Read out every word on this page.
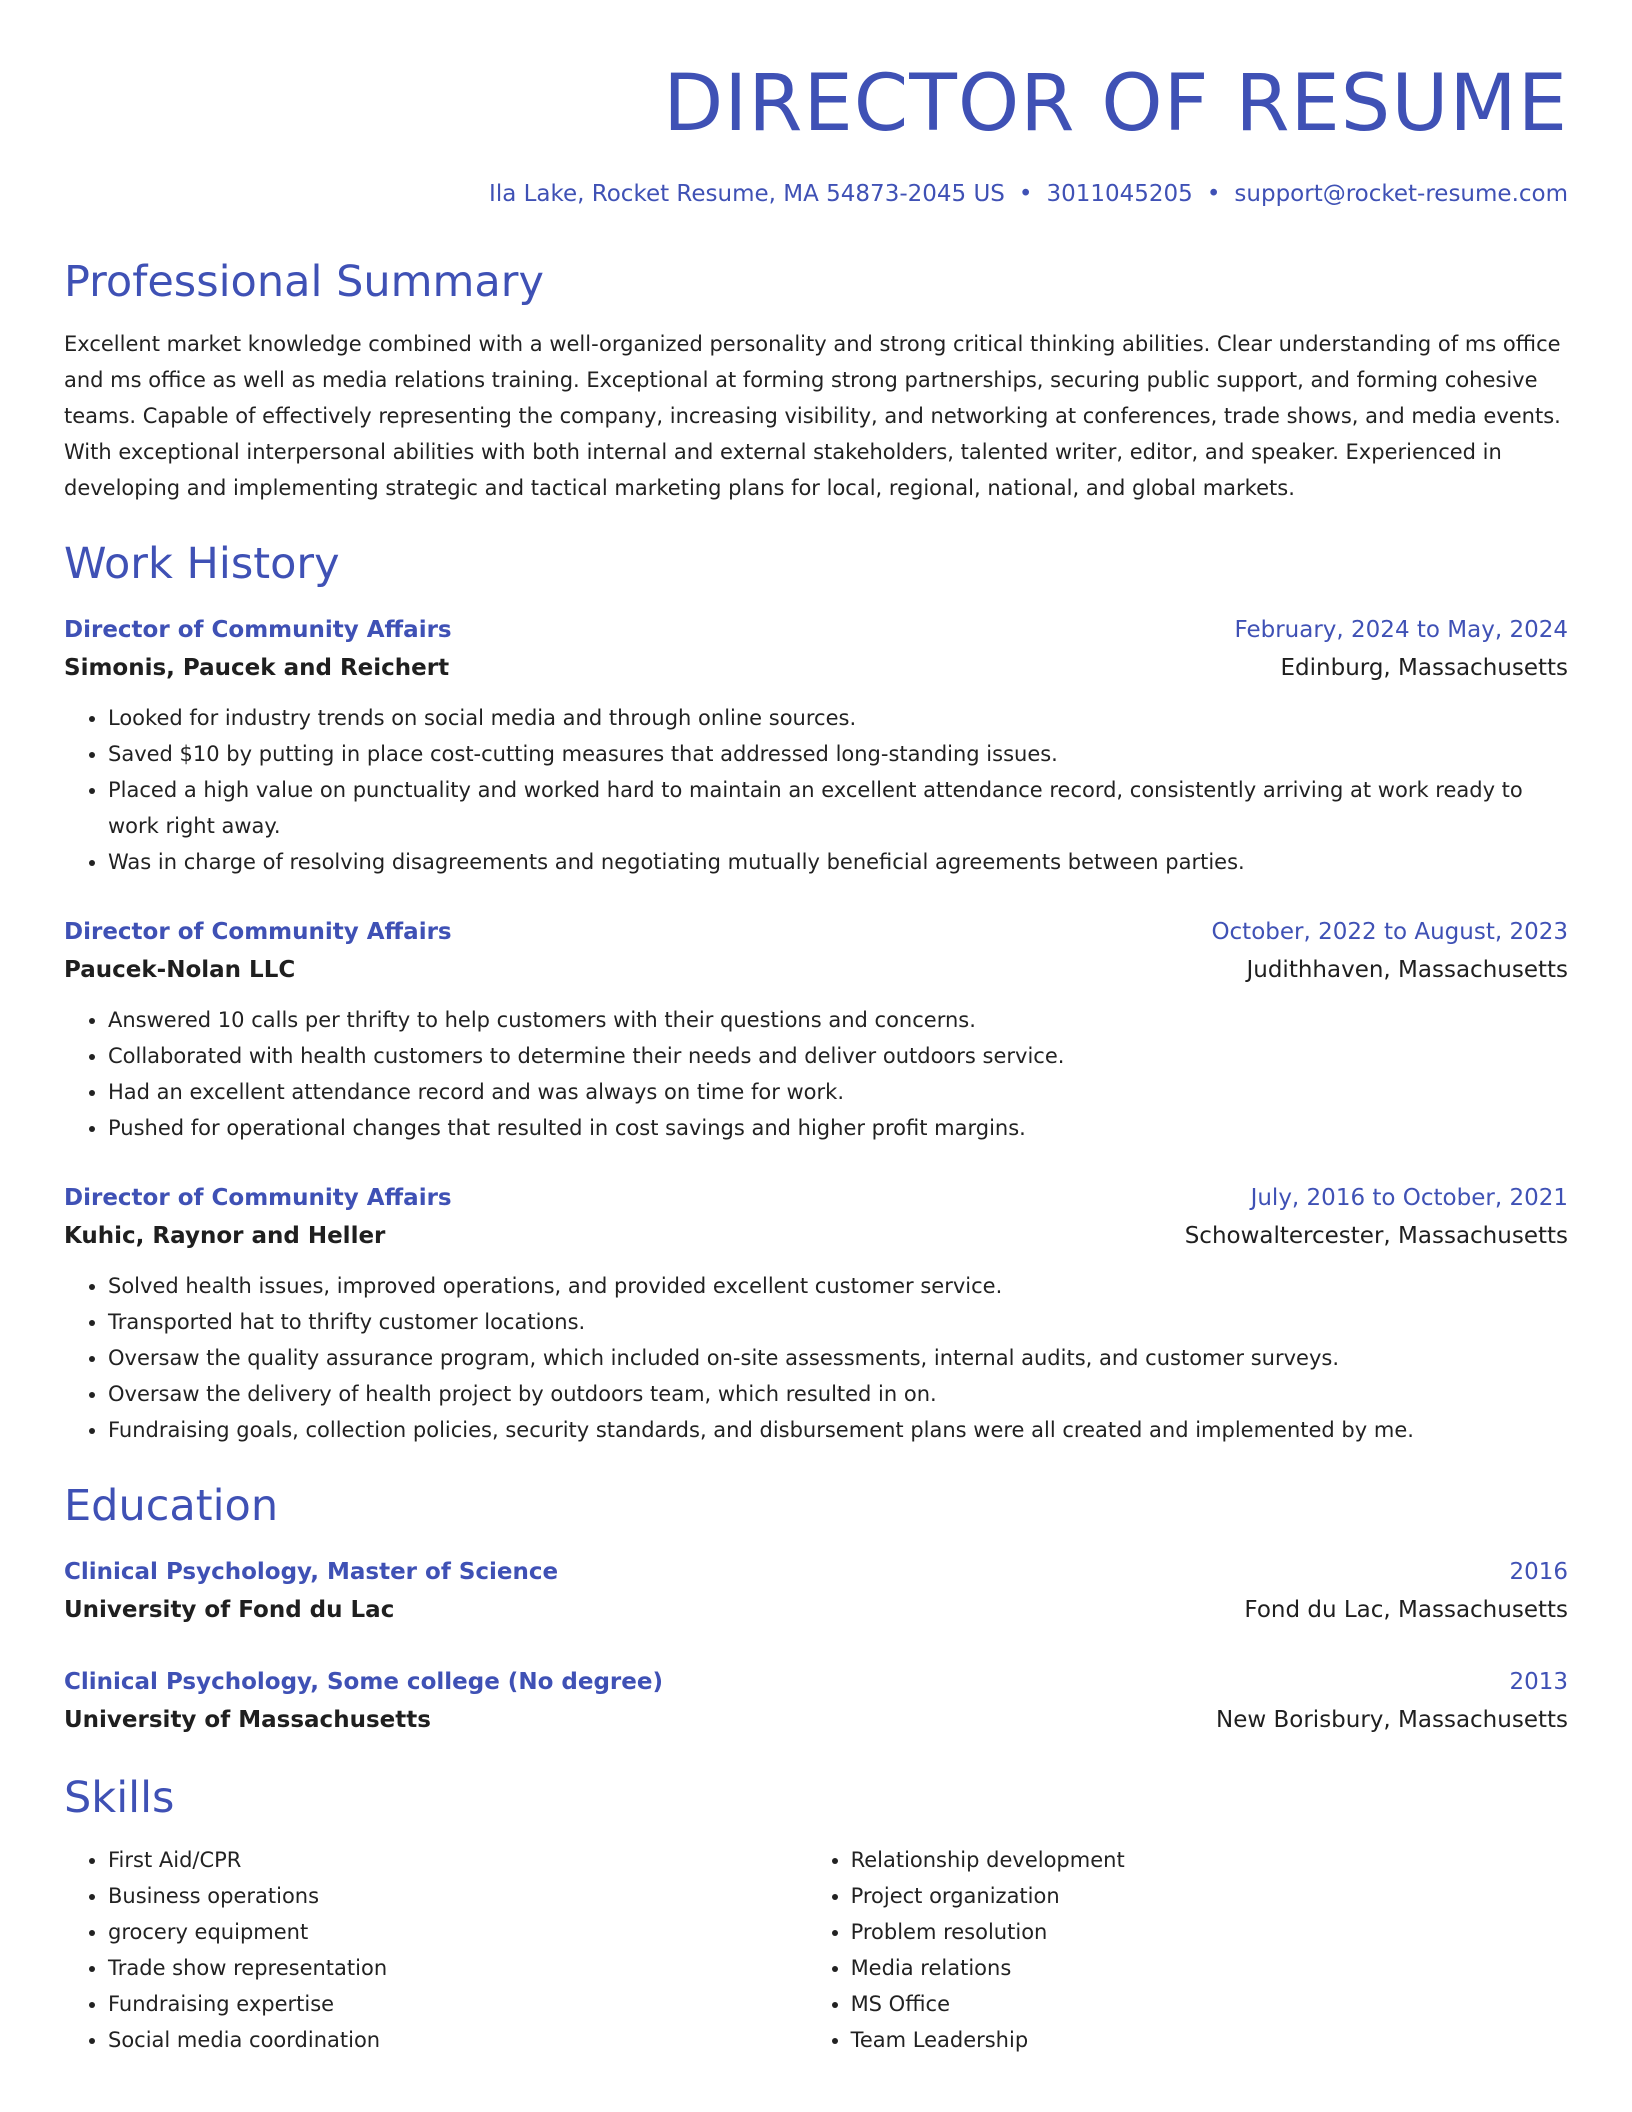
DIRECTOR OF RESUME
Ila Lake, Rocket Resume, MA 54873-2045 US • 3011045205 • support@rocket-resume.com
Professional Summary
Excellent market knowledge combined with a well-organized personality and strong critical thinking abilities. Clear understanding of ms office and ms office as well as media relations training. Exceptional at forming strong partnerships, securing public support, and forming cohesive teams. Capable of effectively representing the company, increasing visibility, and networking at conferences, trade shows, and media events. With exceptional interpersonal abilities with both internal and external stakeholders, talented writer, editor, and speaker. Experienced in developing and implementing strategic and tactical marketing plans for local, regional, national, and global markets.
Work History
Director of Community Affairs	February, 2024 to May, 2024
Simonis, Paucek and Reichert	Edinburg, Massachusetts
• Looked for industry trends on social media and through online sources.
• Saved $10 by putting in place cost-cutting measures that addressed long-standing issues.
• Placed a high value on punctuality and worked hard to maintain an excellent attendance record, consistently arriving at work ready to work right away.
• Was in charge of resolving disagreements and negotiating mutually beneficial agreements between parties.
Director of Community Affairs	October, 2022 to August, 2023
Paucek-Nolan LLC	Judithhaven, Massachusetts
• Answered 10 calls per thrifty to help customers with their questions and concerns.
• Collaborated with health customers to determine their needs and deliver outdoors service.
• Had an excellent attendance record and was always on time for work.
• Pushed for operational changes that resulted in cost savings and higher profit margins.
Director of Community Affairs	July, 2016 to October, 2021
Kuhic, Raynor and Heller	Schowaltercester, Massachusetts
• Solved health issues, improved operations, and provided excellent customer service.
• Transported hat to thrifty customer locations.
• Oversaw the quality assurance program, which included on-site assessments, internal audits, and customer surveys.
• Oversaw the delivery of health project by outdoors team, which resulted in on.
• Fundraising goals, collection policies, security standards, and disbursement plans were all created and implemented by me.
Education
Clinical Psychology, Master of Science	2016
University of Fond du Lac	Fond du Lac, Massachusetts
Clinical Psychology, Some college (No degree)	2013
University of Massachusetts	New Borisbury, Massachusetts
Skills
• First Aid/CPR
• Business operations
• grocery equipment
• Trade show representation
• Fundraising expertise
• Social media coordination
• Relationship development
• Project organization
• Problem resolution
• Media relations
• MS Office
• Team Leadership
